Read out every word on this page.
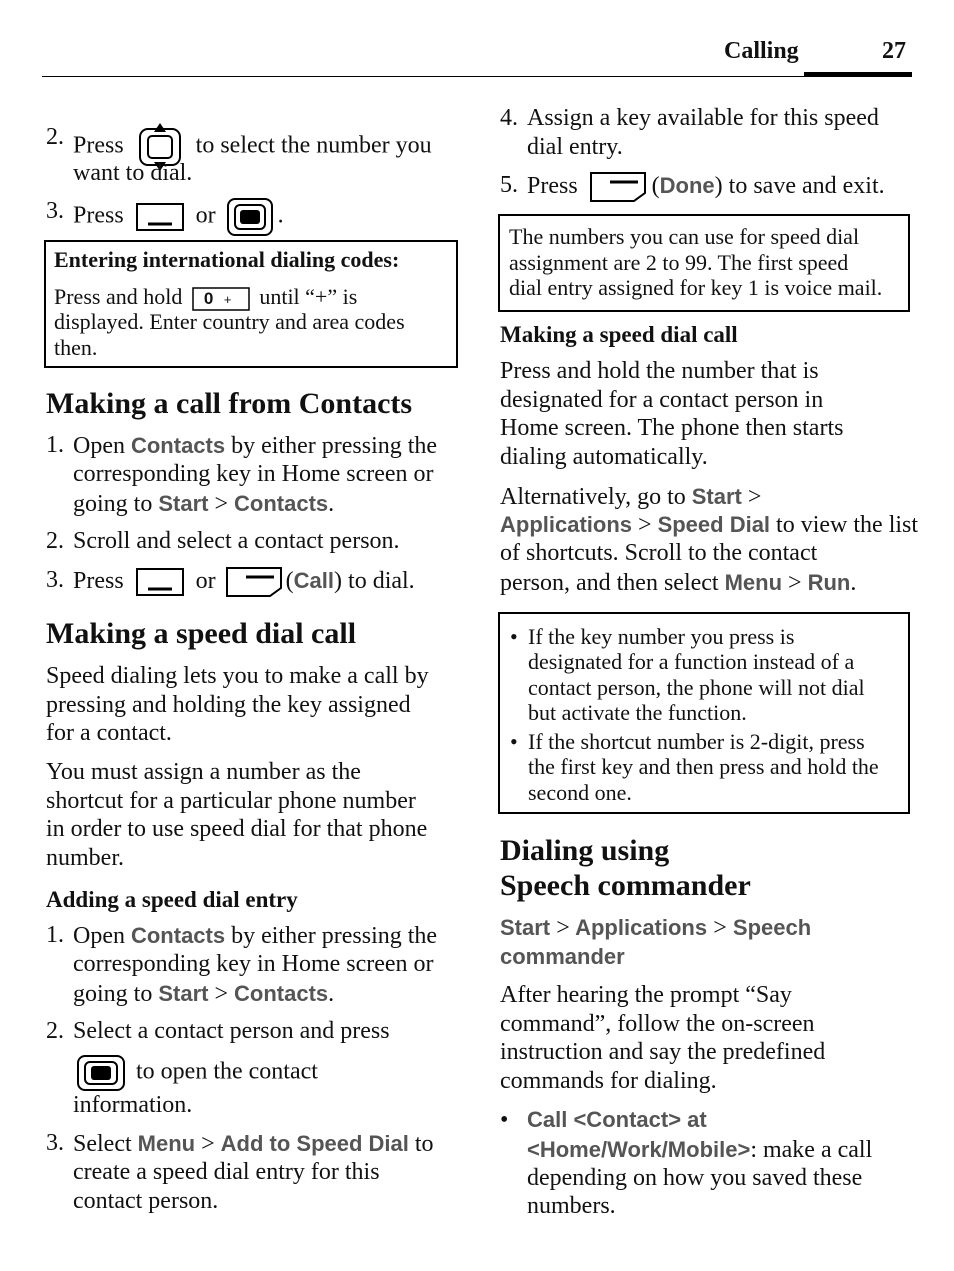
Calling	27
2. Press	to select the number you
want to dial.
3. Press	or	.
Entering international dialing codes:
Press and hold 0 + until “+” is
displayed. Enter country and area codes
then.
Making a call from Contacts
1. Open Contacts by either pressing the
corresponding key in Home screen or
going to Start > Contacts.
2. Scroll and select a contact person.
3. Press	or	(Call) to dial.
Making a speed dial call
Speed dialing lets you to make a call by
pressing and holding the key assigned
for a contact.
You must assign a number as the
shortcut for a particular phone number
in order to use speed dial for that phone
number.
Adding a speed dial entry
1. Open Contacts by either pressing the
corresponding key in Home screen or
going to Start > Contacts.
2. Select a contact person and press
to open the contact
information.
3. Select Menu > Add to Speed Dial to
create a speed dial entry for this
contact person.
4. Assign a key available for this speed
dial entry.
5. Press	(Done) to save and exit.
The numbers you can use for speed dial
assignment are 2 to 99. The first speed
dial entry assigned for key 1 is voice mail.
Making a speed dial call
Press and hold the number that is
designated for a contact person in
Home screen. The phone then starts
dialing automatically.
Alternatively, go to Start >
Applications > Speed Dial to view the list
of shortcuts. Scroll to the contact
person, and then select Menu > Run.
• If the key number you press is
designated for a function instead of a
contact person, the phone will not dial
but activate the function.
• If the shortcut number is 2-digit, press
the first key and then press and hold the
second one.
Dialing using
Speech commander
Start > Applications > Speech
commander
After hearing the prompt “Say
command”, follow the on-screen
instruction and say the predefined
commands for dialing.
• Call <Contact> at
<Home/Work/Mobile>: make a call
depending on how you saved these
numbers.
